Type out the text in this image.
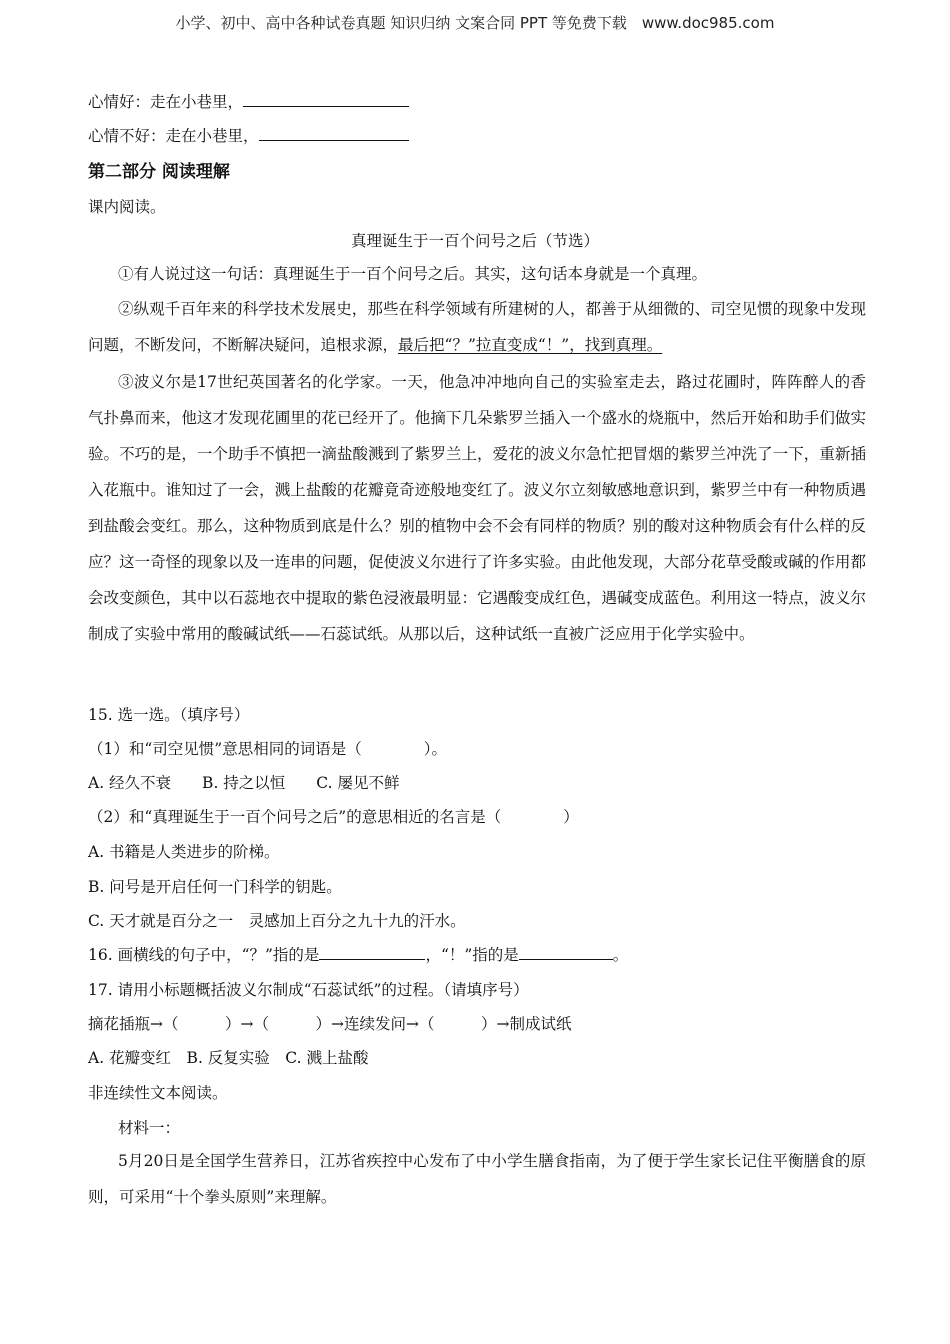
小学、初中、高中各种试卷真题 知识归纳 文案合同 PPT 等免费下载　www.doc985.com
心情好：走在小巷里，
心情不好：走在小巷里，
第二部分 阅读理解
课内阅读。
真理诞生于一百个问号之后（节选）
①有人说过这一句话：真理诞生于一百个问号之后。其实，这句话本身就是一个真理。
②纵观千百年来的科学技术发展史，那些在科学领域有所建树的人，都善于从细微的、司空见惯的现象中发现问题，不断发问，不断解决疑问，追根求源，最后把“？”拉直变成“！”，找到真理。
③波义尔是17世纪英国著名的化学家。一天，他急冲冲地向自己的实验室走去，路过花圃时，阵阵醉人的香气扑鼻而来，他这才发现花圃里的花已经开了。他摘下几朵紫罗兰插入一个盛水的烧瓶中，然后开始和助手们做实验。不巧的是，一个助手不慎把一滴盐酸溅到了紫罗兰上，爱花的波义尔急忙把冒烟的紫罗兰冲洗了一下，重新插入花瓶中。谁知过了一会，溅上盐酸的花瓣竟奇迹般地变红了。波义尔立刻敏感地意识到，紫罗兰中有一种物质遇到盐酸会变红。那么，这种物质到底是什么？别的植物中会不会有同样的物质？别的酸对这种物质会有什么样的反应？这一奇怪的现象以及一连串的问题，促使波义尔进行了许多实验。由此他发现，大部分花草受酸或碱的作用都会改变颜色，其中以石蕊地衣中提取的紫色浸液最明显：它遇酸变成红色，遇碱变成蓝色。利用这一特点，波义尔制成了实验中常用的酸碱试纸——石蕊试纸。从那以后，这种试纸一直被广泛应用于化学实验中。
15. 选一选。（填序号）
（1）和“司空见惯”意思相同的词语是（　　　　）。
A. 经久不衰　　B. 持之以恒　　C. 屡见不鲜
（2）和“真理诞生于一百个问号之后”的意思相近的名言是（　　　　）
A. 书籍是人类进步的阶梯。
B. 问号是开启任何一门科学的钥匙。
C. 天才就是百分之一　灵感加上百分之九十九的汗水。
16. 画横线的句子中，“？”指的是	，“！”指的是	。
17. 请用小标题概括波义尔制成“石蕊试纸”的过程。（请填序号）
摘花插瓶→（　　　）→（　　　）→连续发问→（　　　）→制成试纸
A. 花瓣变红　B. 反复实验　C. 溅上盐酸
非连续性文本阅读。
材料一：
5月20日是全国学生营养日，江苏省疾控中心发布了中小学生膳食指南，为了便于学生家长记住平衡膳食的原则，可采用“十个拳头原则”来理解。
